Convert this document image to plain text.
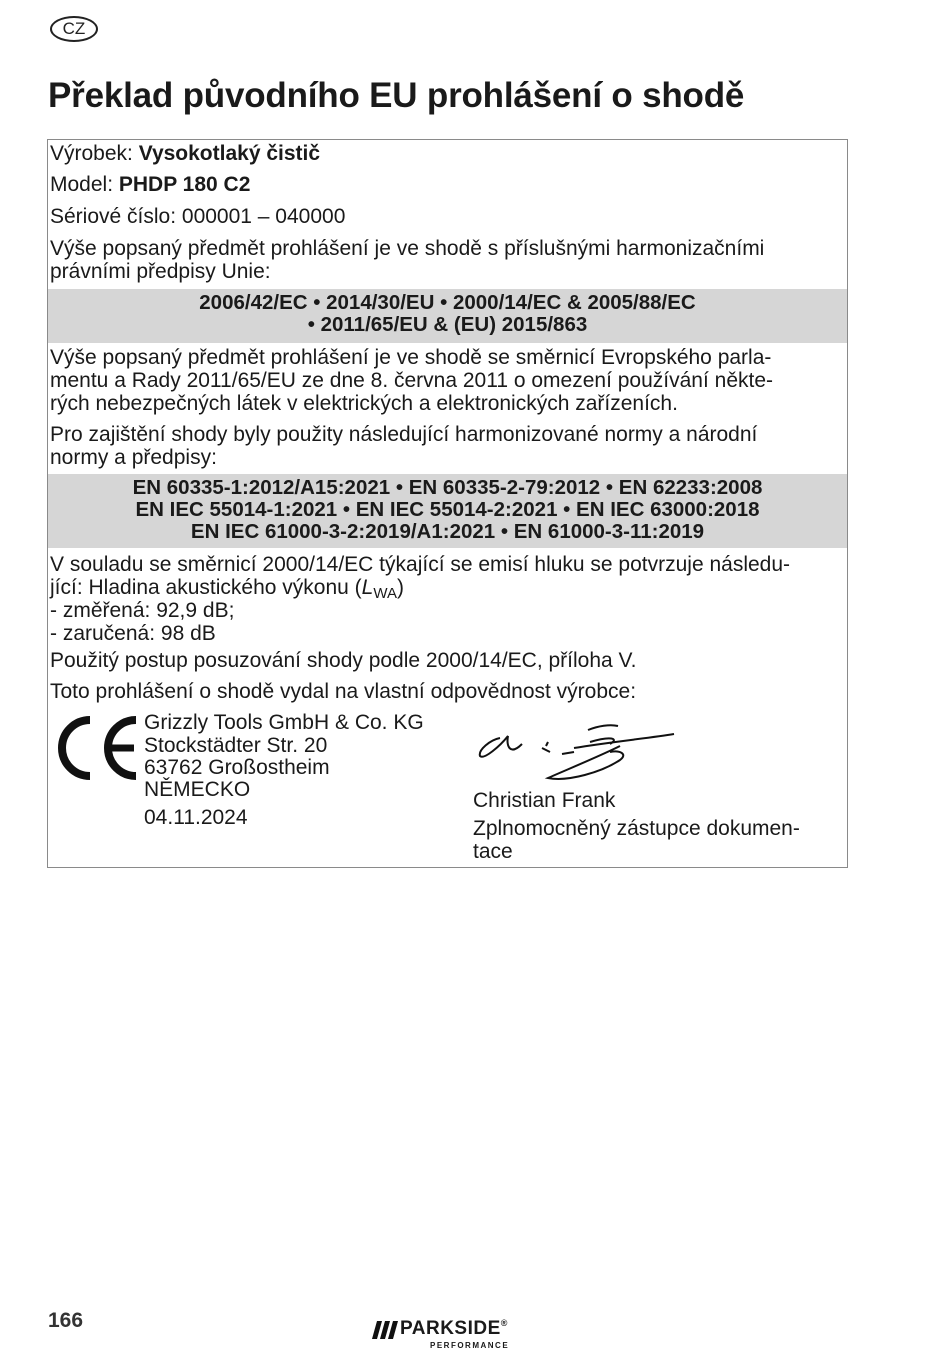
CZ
Překlad původního EU prohlášení o shodě
Výrobek: Vysokotlaký čistič
Model: PHDP 180 C2
Sériové číslo: 000001 – 040000
Výše popsaný předmět prohlášení je ve shodě s příslušnými harmonizačními
právními předpisy Unie:
2006/42/EC • 2014/30/EU • 2000/14/EC & 2005/88/EC
• 2011/65/EU & (EU) 2015/863
Výše popsaný předmět prohlášení je ve shodě se směrnicí Evropského parla-
mentu a Rady 2011/65/EU ze dne 8. června 2011 o omezení používání někte-
rých nebezpečných látek v elektrických a elektronických zařízeních.
Pro zajištění shody byly použity následující harmonizované normy a národní
normy a předpisy:
EN 60335-1:2012/A15:2021 • EN 60335-2-79:2012 • EN 62233:2008
EN IEC 55014-1:2021 • EN IEC 55014-2:2021 • EN IEC 63000:2018
EN IEC 61000-3-2:2019/A1:2021 • EN 61000-3-11:2019
V souladu se směrnicí 2000/14/EC týkající se emisí hluku se potvrzuje následu-
jící: Hladina akustického výkonu $(L_{WA})$
- změřená: 92,9 dB;
- zaručená: 98 dB
Použitý postup posuzování shody podle 2000/14/EC, příloha V.
Toto prohlášení o shodě vydal na vlastní odpovědnost výrobce:
Grizzly Tools GmbH & Co. KG
Stockstädter Str. 20
63762 Großostheim
NĚMECKO
04.11.2024
Christian Frank
Zplnomocněný zástupce dokumen-
tace
166	PARKSIDE®
PERFORMANCE
